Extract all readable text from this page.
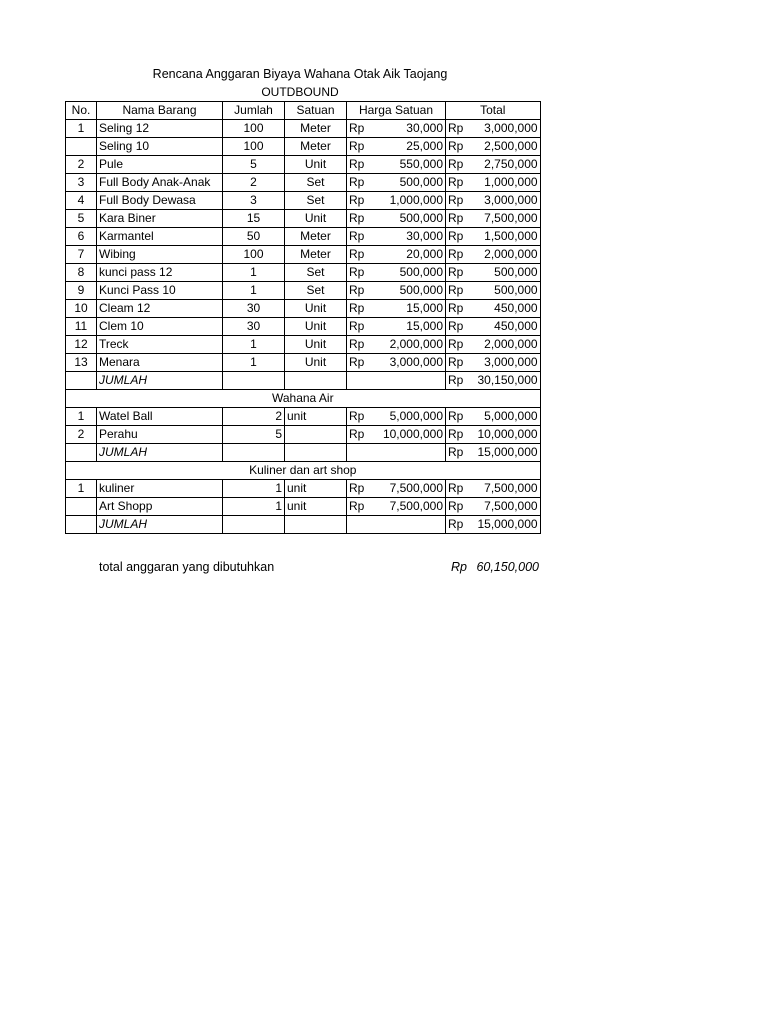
Rencana Anggaran Biyaya Wahana Otak Aik Taojang
OUTDBOUND
No.	Nama Barang	Jumlah	Satuan	Harga Satuan		Total	
1	Seling 12	100	Meter	Rp	30,000	Rp	3,000,000
	Seling 10	100	Meter	Rp	25,000	Rp	2,500,000
2	Pule	5	Unit	Rp	550,000	Rp	2,750,000
3	Full Body Anak-Anak	2	Set	Rp	500,000	Rp	1,000,000
4	Full Body Dewasa	3	Set	Rp	1,000,000	Rp	3,000,000
5	Kara Biner	15	Unit	Rp	500,000	Rp	7,500,000
6	Karmantel	50	Meter	Rp	30,000	Rp	1,500,000
7	Wibing	100	Meter	Rp	20,000	Rp	2,000,000
8	kunci pass 12	1	Set	Rp	500,000	Rp	500,000
9	Kunci Pass 10	1	Set	Rp	500,000	Rp	500,000
10	Cleam 12	30	Unit	Rp	15,000	Rp	450,000
11	Clem 10	30	Unit	Rp	15,000	Rp	450,000
12	Treck	1	Unit	Rp	2,000,000	Rp	2,000,000
13	Menara	1	Unit	Rp	3,000,000	Rp	3,000,000
	JUMLAH					Rp	30,150,000
Wahana Air							
1	Watel Ball	2	unit	Rp	5,000,000	Rp	5,000,000
2	Perahu	5		Rp	10,000,000	Rp	10,000,000
	JUMLAH					Rp	15,000,000
Kuliner dan art shop							
1	kuliner	1	unit	Rp	7,500,000	Rp	7,500,000
	Art Shopp	1	unit	Rp	7,500,000	Rp	7,500,000
	JUMLAH					Rp	15,000,000
total anggaran yang dibutuhkan	Rp 60,150,000
